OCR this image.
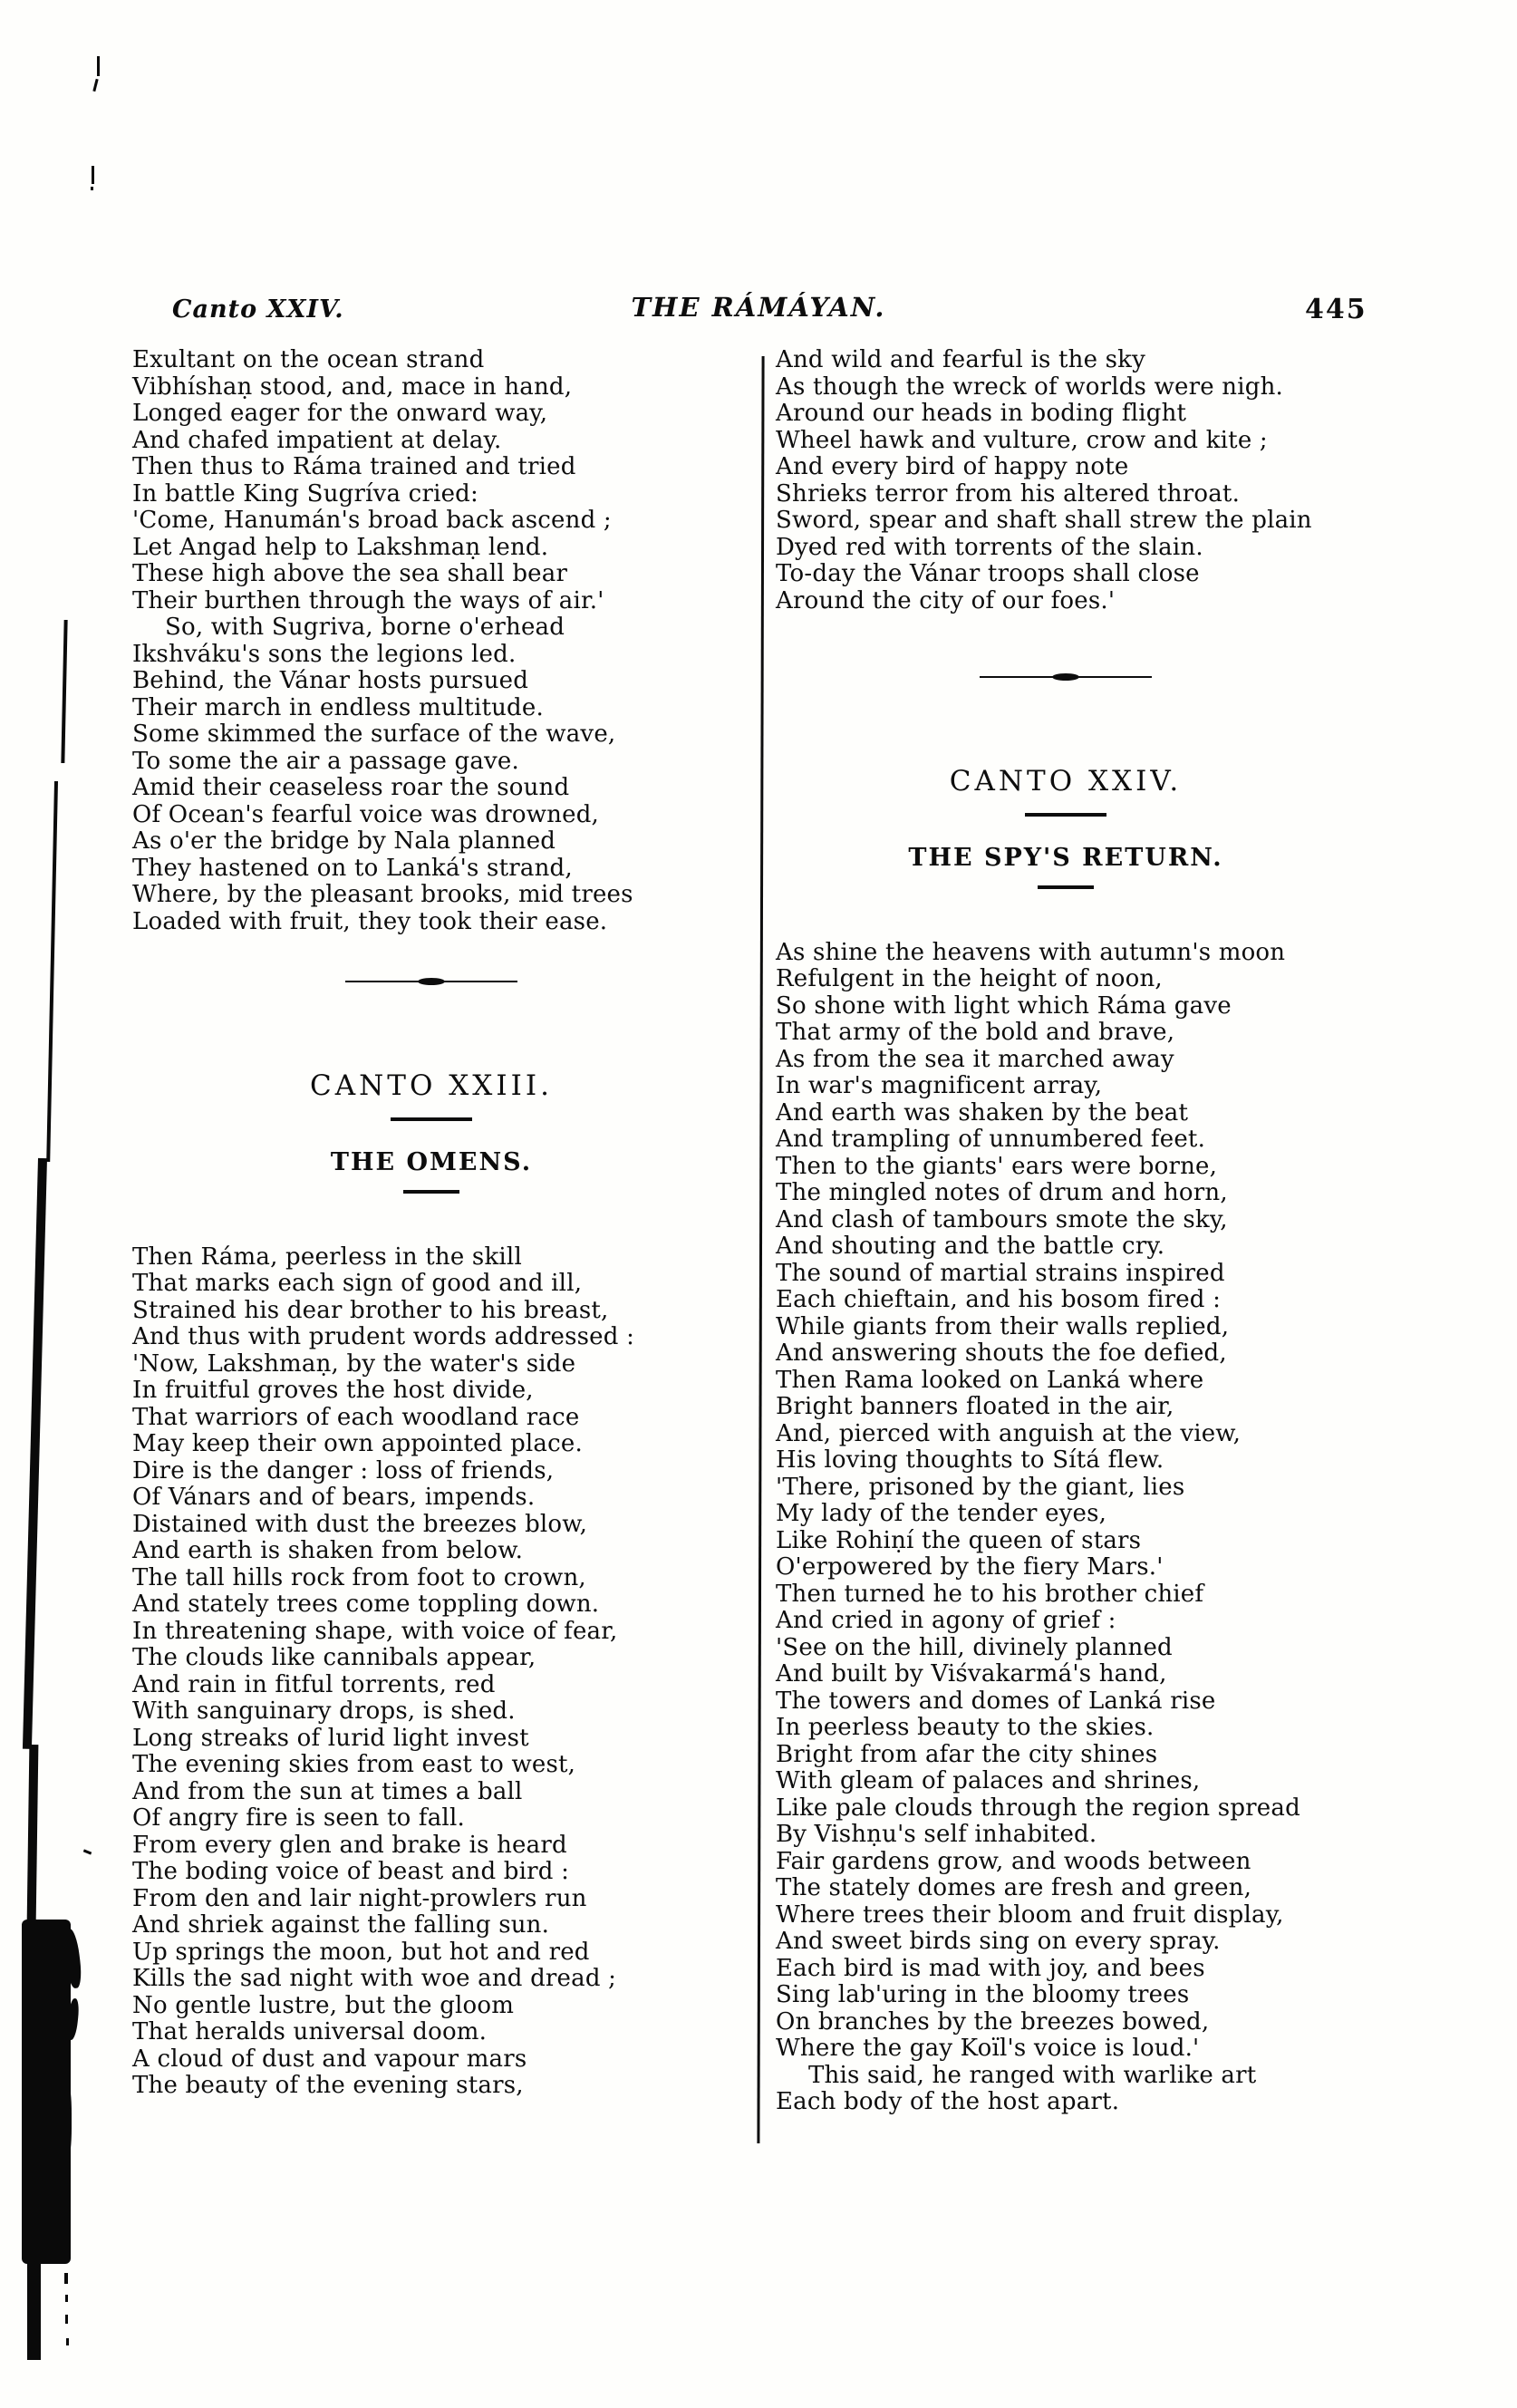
Canto XXIV.	THE RÁMÁYAN.	445
Exultant on the ocean strand
Vibhíshaṇ stood, and, mace in hand,
Longed eager for the onward way,
And chafed impatient at delay.
Then thus to Ráma trained and tried
In battle King Sugríva cried:
'Come, Hanumán's broad back ascend ;
Let Angad help to Lakshmaṇ lend.
These high above the sea shall bear
Their burthen through the ways of air.'
So, with Sugriva, borne o'erhead
Ikshváku's sons the legions led.
Behind, the Vánar hosts pursued
Their march in endless multitude.
Some skimmed the surface of the wave,
To some the air a passage gave.
Amid their ceaseless roar the sound
Of Ocean's fearful voice was drowned,
As o'er the bridge by Nala planned
They hastened on to Lanká's strand,
Where, by the pleasant brooks, mid trees
Loaded with fruit, they took their ease.
CANTO XXIII.
THE OMENS.
Then Ráma, peerless in the skill
That marks each sign of good and ill,
Strained his dear brother to his breast,
And thus with prudent words addressed :
'Now, Lakshmaṇ, by the water's side
In fruitful groves the host divide,
That warriors of each woodland race
May keep their own appointed place.
Dire is the danger : loss of friends,
Of Vánars and of bears, impends.
Distained with dust the breezes blow,
And earth is shaken from below.
The tall hills rock from foot to crown,
And stately trees come toppling down.
In threatening shape, with voice of fear,
The clouds like cannibals appear,
And rain in fitful torrents, red
With sanguinary drops, is shed.
Long streaks of lurid light invest
The evening skies from east to west,
And from the sun at times a ball
Of angry fire is seen to fall.
From every glen and brake is heard
The boding voice of beast and bird :
From den and lair night-prowlers run
And shriek against the falling sun.
Up springs the moon, but hot and red
Kills the sad night with woe and dread ;
No gentle lustre, but the gloom
That heralds universal doom.
A cloud of dust and vapour mars
The beauty of the evening stars,
And wild and fearful is the sky
As though the wreck of worlds were nigh.
Around our heads in boding flight
Wheel hawk and vulture, crow and kite ;
And every bird of happy note
Shrieks terror from his altered throat.
Sword, spear and shaft shall strew the plain
Dyed red with torrents of the slain.
To-day the Vánar troops shall close
Around the city of our foes.'
CANTO XXIV.
THE SPY'S RETURN.
As shine the heavens with autumn's moon
Refulgent in the height of noon,
So shone with light which Ráma gave
That army of the bold and brave,
As from the sea it marched away
In war's magnificent array,
And earth was shaken by the beat
And trampling of unnumbered feet.
Then to the giants' ears were borne,
The mingled notes of drum and horn,
And clash of tambours smote the sky,
And shouting and the battle cry.
The sound of martial strains inspired
Each chieftain, and his bosom fired :
While giants from their walls replied,
And answering shouts the foe defied,
Then Rama looked on Lanká where
Bright banners floated in the air,
And, pierced with anguish at the view,
His loving thoughts to Sítá flew.
'There, prisoned by the giant, lies
My lady of the tender eyes,
Like Rohiṇí the queen of stars
O'erpowered by the fiery Mars.'
Then turned he to his brother chief
And cried in agony of grief :
'See on the hill, divinely planned
And built by Viśvakarmá's hand,
The towers and domes of Lanká rise
In peerless beauty to the skies.
Bright from afar the city shines
With gleam of palaces and shrines,
Like pale clouds through the region spread
By Vishṇu's self inhabited.
Fair gardens grow, and woods between
The stately domes are fresh and green,
Where trees their bloom and fruit display,
And sweet birds sing on every spray.
Each bird is mad with joy, and bees
Sing lab'uring in the bloomy trees
On branches by the breezes bowed,
Where the gay Koïl's voice is loud.'
This said, he ranged with warlike art
Each body of the host apart.
